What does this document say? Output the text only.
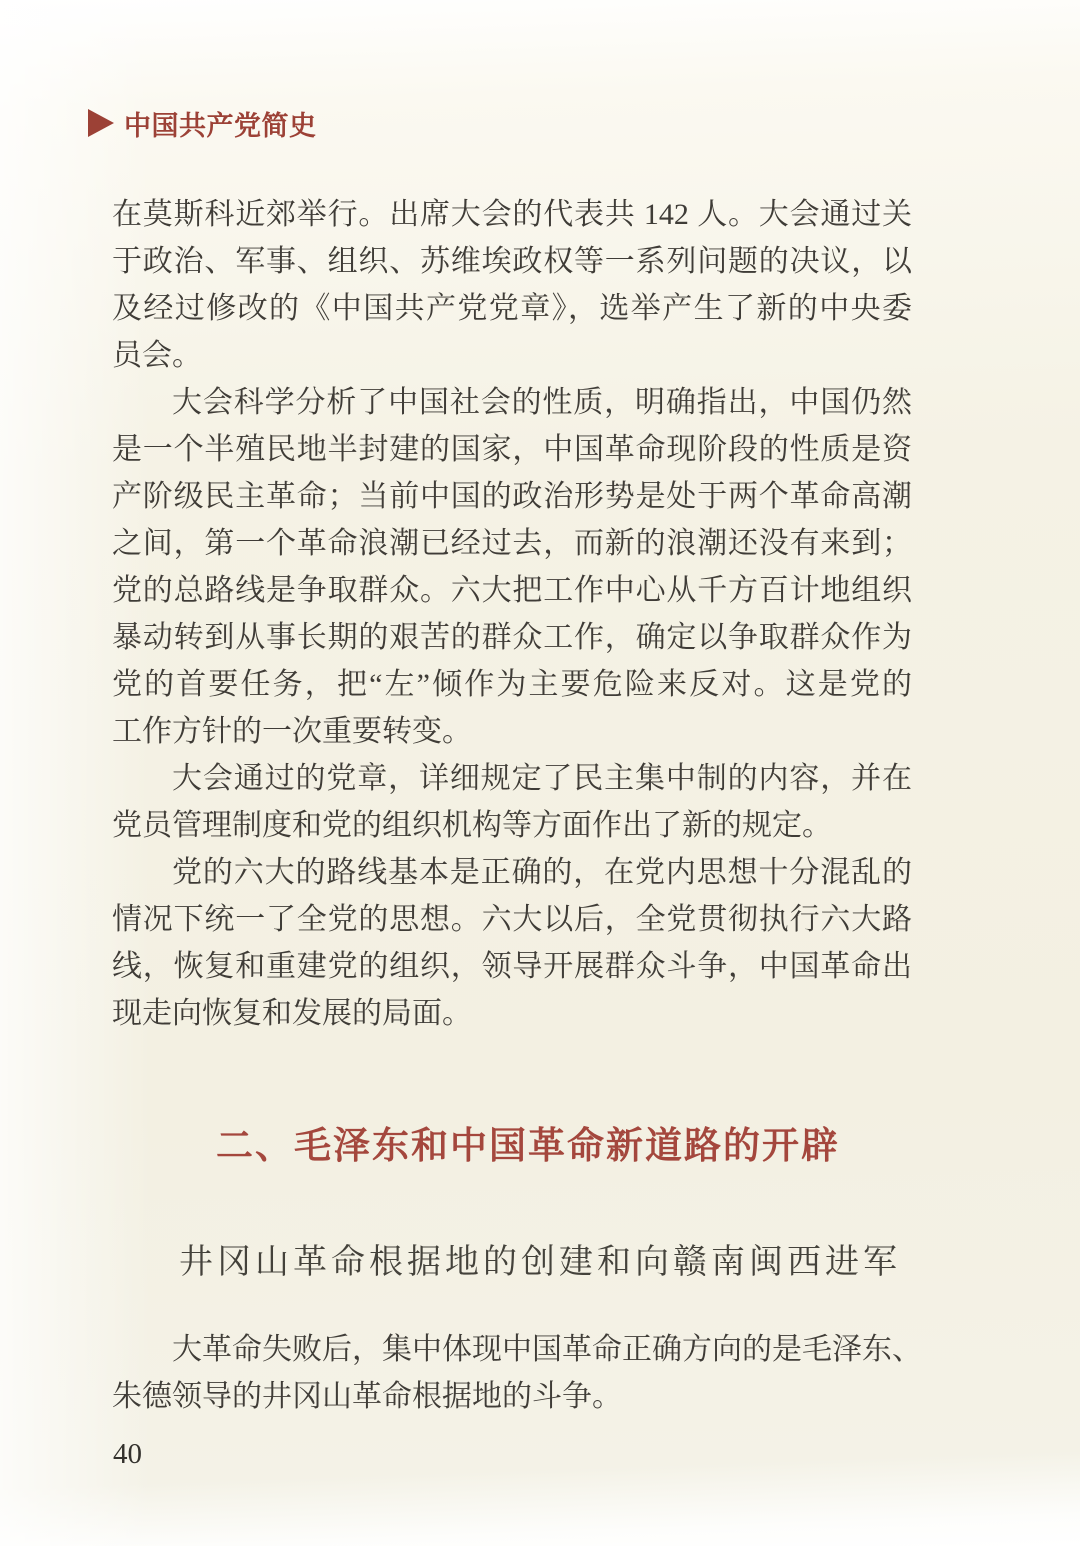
中国共产党简史
在莫斯科近郊举行。出席大会的代表共 142 人。大会通过关
于政治、军事、组织、苏维埃政权等一系列问题的决议，以
及经过修改的《中国共产党党章》，选举产生了新的中央委
员会。
大会科学分析了中国社会的性质，明确指出，中国仍然
是一个半殖民地半封建的国家，中国革命现阶段的性质是资
产阶级民主革命；当前中国的政治形势是处于两个革命高潮
之间，第一个革命浪潮已经过去，而新的浪潮还没有来到；
党的总路线是争取群众。六大把工作中心从千方百计地组织
暴动转到从事长期的艰苦的群众工作，确定以争取群众作为
党的首要任务，把“左”倾作为主要危险来反对。这是党的
工作方针的一次重要转变。
大会通过的党章，详细规定了民主集中制的内容，并在
党员管理制度和党的组织机构等方面作出了新的规定。
党的六大的路线基本是正确的，在党内思想十分混乱的
情况下统一了全党的思想。六大以后，全党贯彻执行六大路
线，恢复和重建党的组织，领导开展群众斗争，中国革命出
现走向恢复和发展的局面。
二、毛泽东和中国革命新道路的开辟
井冈山革命根据地的创建和向赣南闽西进军
大革命失败后，集中体现中国革命正确方向的是毛泽东、
朱德领导的井冈山革命根据地的斗争。
40
